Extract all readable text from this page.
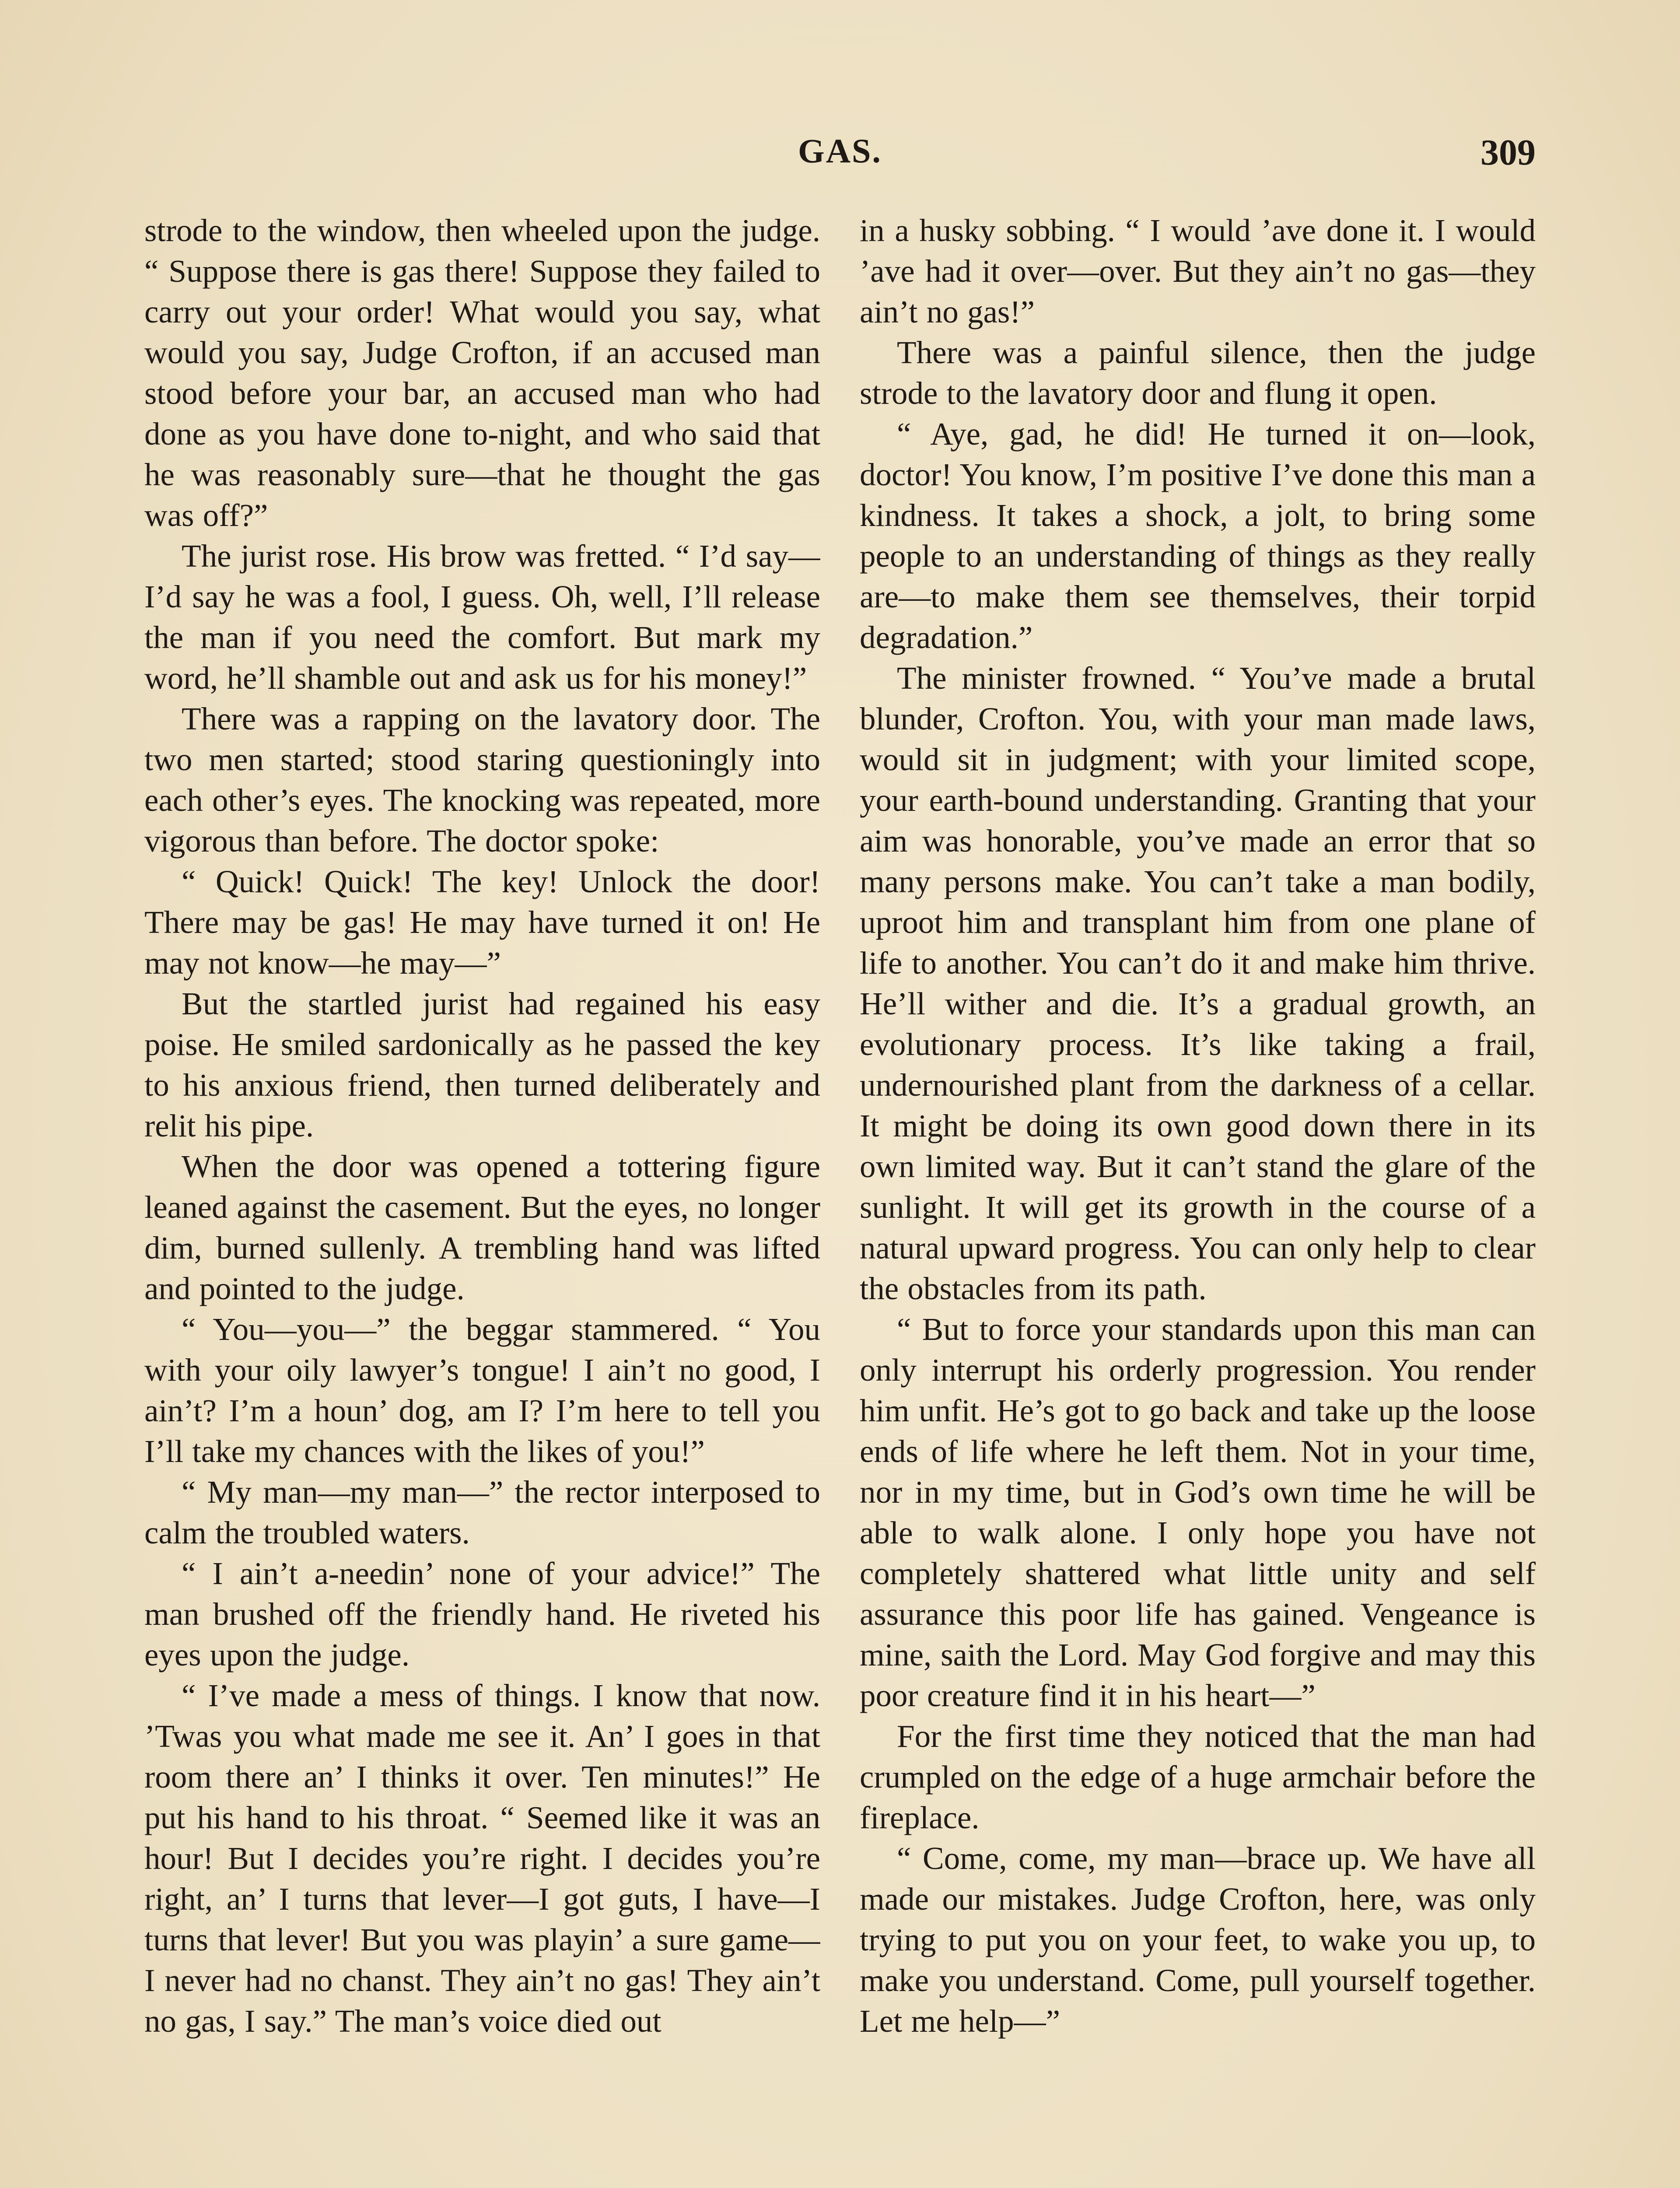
GAS.	309

strode to the window, then wheeled upon the judge. “ Suppose there is gas there! Suppose they failed to carry out your order! What would you say, what would you say, Judge Crofton, if an accused man stood before your bar, an accused man who had done as you have done to-night, and who said that he was reasonably sure—that he thought the gas was off?”

The jurist rose. His brow was fretted. “ I’d say—I’d say he was a fool, I guess. Oh, well, I’ll release the man if you need the comfort. But mark my word, he’ll shamble out and ask us for his money!”

There was a rapping on the lavatory door. The two men started; stood staring questioningly into each other’s eyes. The knocking was repeated, more vigorous than before. The doctor spoke:

“ Quick! Quick! The key! Unlock the door! There may be gas! He may have turned it on! He may not know—he may—”

But the startled jurist had regained his easy poise. He smiled sardonically as he passed the key to his anxious friend, then turned deliberately and relit his pipe.

When the door was opened a tottering figure leaned against the casement. But the eyes, no longer dim, burned sullenly. A trembling hand was lifted and pointed to the judge.

“ You—you—” the beggar stammered. “ You with your oily lawyer’s tongue! I ain’t no good, I ain’t? I’m a houn’ dog, am I? I’m here to tell you I’ll take my chances with the likes of you!”

“ My man—my man—” the rector interposed to calm the troubled waters.

“ I ain’t a-needin’ none of your advice!” The man brushed off the friendly hand. He riveted his eyes upon the judge.

“ I’ve made a mess of things. I know that now. ’Twas you what made me see it. An’ I goes in that room there an’ I thinks it over. Ten minutes!” He put his hand to his throat. “ Seemed like it was an hour! But I decides you’re right. I decides you’re right, an’ I turns that lever—I got guts, I have—I turns that lever! But you was playin’ a sure game—I never had no chanst. They ain’t no gas! They ain’t no gas, I say.” The man’s voice died out

in a husky sobbing. “ I would ’ave done it. I would ’ave had it over—over. But they ain’t no gas—they ain’t no gas!”

There was a painful silence, then the judge strode to the lavatory door and flung it open.

“ Aye, gad, he did! He turned it on—look, doctor! You know, I’m positive I’ve done this man a kindness. It takes a shock, a jolt, to bring some people to an understanding of things as they really are—to make them see themselves, their torpid degradation.”

The minister frowned. “ You’ve made a brutal blunder, Crofton. You, with your man made laws, would sit in judgment; with your limited scope, your earth-bound understanding. Granting that your aim was honorable, you’ve made an error that so many persons make. You can’t take a man bodily, uproot him and transplant him from one plane of life to another. You can’t do it and make him thrive. He’ll wither and die. It’s a gradual growth, an evolutionary process. It’s like taking a frail, undernourished plant from the darkness of a cellar. It might be doing its own good down there in its own limited way. But it can’t stand the glare of the sunlight. It will get its growth in the course of a natural upward progress. You can only help to clear the obstacles from its path.

“ But to force your standards upon this man can only interrupt his orderly progression. You render him unfit. He’s got to go back and take up the loose ends of life where he left them. Not in your time, nor in my time, but in God’s own time he will be able to walk alone. I only hope you have not completely shattered what little unity and self assurance this poor life has gained. Vengeance is mine, saith the Lord. May God forgive and may this poor creature find it in his heart—”

For the first time they noticed that the man had crumpled on the edge of a huge armchair before the fireplace.

“ Come, come, my man—brace up. We have all made our mistakes. Judge Crofton, here, was only trying to put you on your feet, to wake you up, to make you understand. Come, pull yourself together. Let me help—”
